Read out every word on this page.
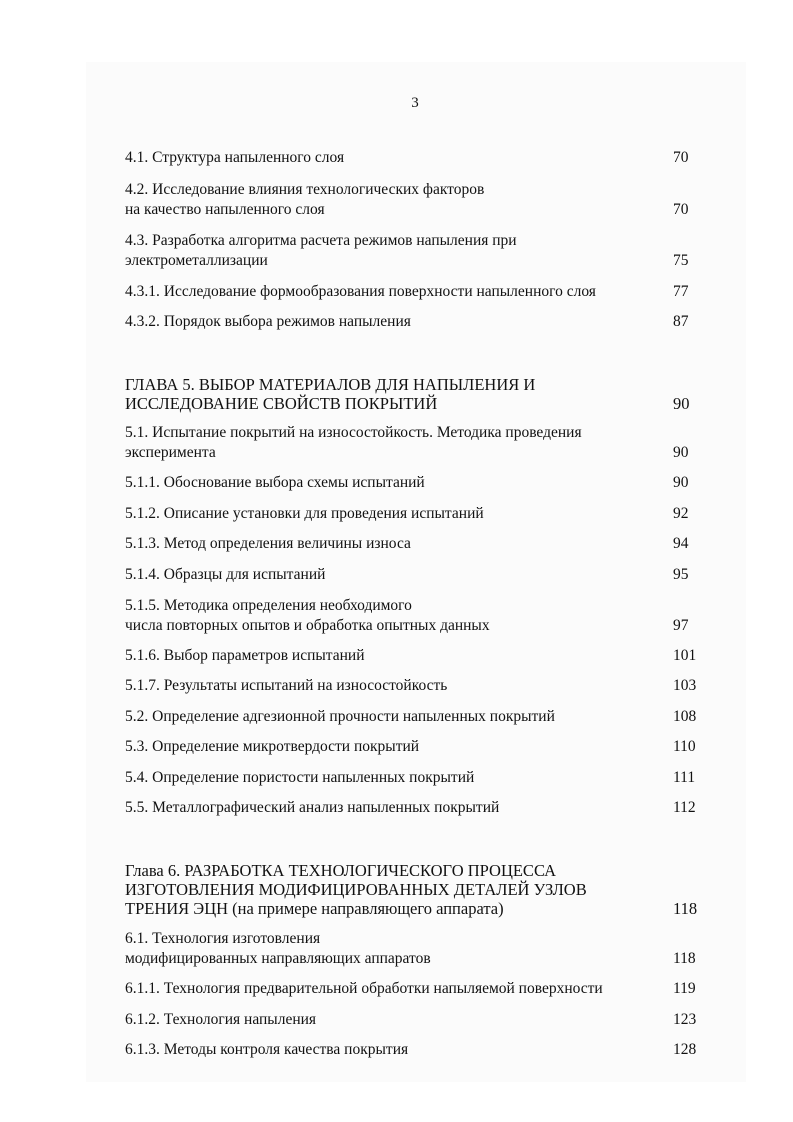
3
4.1. Структура напыленного слоя	70
4.2. Исследование влияния технологических факторов
на качество напыленного слоя	70
4.3. Разработка алгоритма расчета режимов напыления при
электрометаллизации	75
4.3.1. Исследование формообразования поверхности напыленного слоя	77
4.3.2. Порядок выбора режимов напыления	87
ГЛАВА 5. ВЫБОР МАТЕРИАЛОВ ДЛЯ НАПЫЛЕНИЯ И
ИССЛЕДОВАНИЕ СВОЙСТВ ПОКРЫТИЙ	90
5.1. Испытание покрытий на износостойкость. Методика проведения
эксперимента	90
5.1.1. Обоснование выбора схемы испытаний	90
5.1.2. Описание установки для проведения испытаний	92
5.1.3. Метод определения величины износа	94
5.1.4. Образцы для испытаний	95
5.1.5. Методика определения необходимого
числа повторных опытов и обработка опытных данных	97
5.1.6. Выбор параметров испытаний	101
5.1.7. Результаты испытаний на износостойкость	103
5.2. Определение адгезионной прочности напыленных покрытий	108
5.3. Определение микротвердости покрытий	110
5.4. Определение пористости напыленных покрытий	111
5.5. Металлографический анализ напыленных покрытий	112
Глава 6. РАЗРАБОТКА ТЕХНОЛОГИЧЕСКОГО ПРОЦЕССА
ИЗГОТОВЛЕНИЯ МОДИФИЦИРОВАННЫХ ДЕТАЛЕЙ УЗЛОВ
ТРЕНИЯ ЭЦН (на примере направляющего аппарата)	118
6.1. Технология изготовления
модифицированных направляющих аппаратов	118
6.1.1. Технология предварительной обработки напыляемой поверхности	119
6.1.2. Технология напыления	123
6.1.3. Методы контроля качества покрытия	128
